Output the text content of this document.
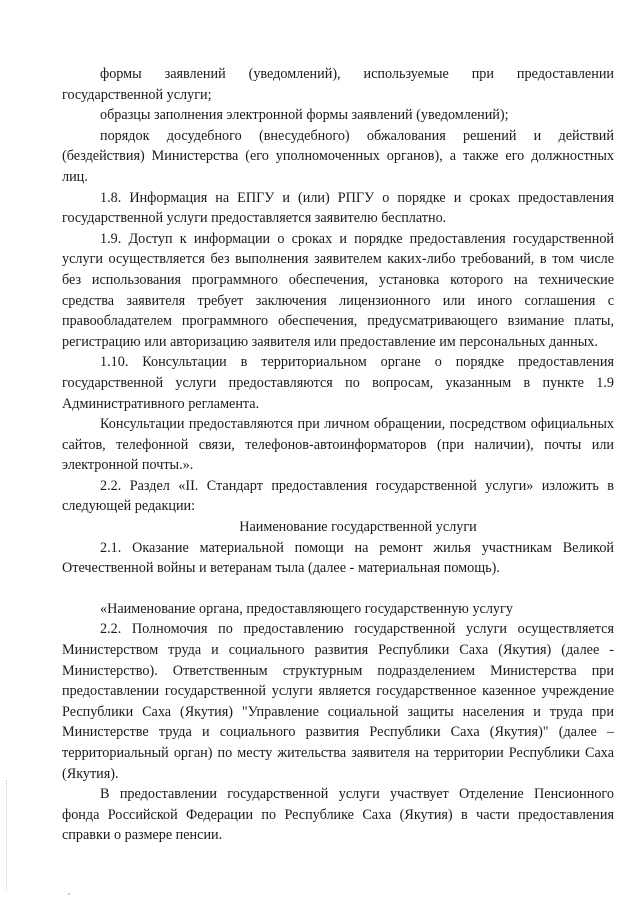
формы заявлений (уведомлений), используемые при предоставлении государственной услуги;

образцы заполнения электронной формы заявлений (уведомлений);

порядок досудебного (внесудебного) обжалования решений и действий (бездействия) Министерства (его уполномоченных органов), а также его должностных лиц.

1.8. Информация на ЕПГУ и (или) РПГУ о порядке и сроках предоставления государственной услуги предоставляется заявителю бесплатно.

1.9. Доступ к информации о сроках и порядке предоставления государственной услуги осуществляется без выполнения заявителем каких-либо требований, в том числе без использования программного обеспечения, установка которого на технические средства заявителя требует заключения лицензионного или иного соглашения с правообладателем программного обеспечения, предусматривающего взимание платы, регистрацию или авторизацию заявителя или предоставление им персональных данных.

1.10. Консультации в территориальном органе о порядке предоставления государственной услуги предоставляются по вопросам, указанным в пункте 1.9 Административного регламента.

Консультации предоставляются при личном обращении, посредством официальных сайтов, телефонной связи, телефонов-автоинформаторов (при наличии), почты или электронной почты.».

2.2. Раздел «II. Стандарт предоставления государственной услуги» изложить в следующей редакции:

Наименование государственной услуги

2.1. Оказание материальной помощи на ремонт жилья участникам Великой Отечественной войны и ветеранам тыла (далее - материальная помощь).

«Наименование органа, предоставляющего государственную услугу

2.2. Полномочия по предоставлению государственной услуги осуществляется Министерством труда и социального развития Республики Саха (Якутия) (далее - Министерство). Ответственным структурным подразделением Министерства при предоставлении государственной услуги является государственное казенное учреждение Республики Саха (Якутия) "Управление социальной защиты населения и труда при Министерстве труда и социального развития Республики Саха (Якутия)" (далее – территориальный орган) по месту жительства заявителя на территории Республики Саха (Якутия).

В предоставлении государственной услуги участвует Отделение Пенсионного фонда Российской Федерации по Республике Саха (Якутия) в части предоставления справки о размере пенсии.
